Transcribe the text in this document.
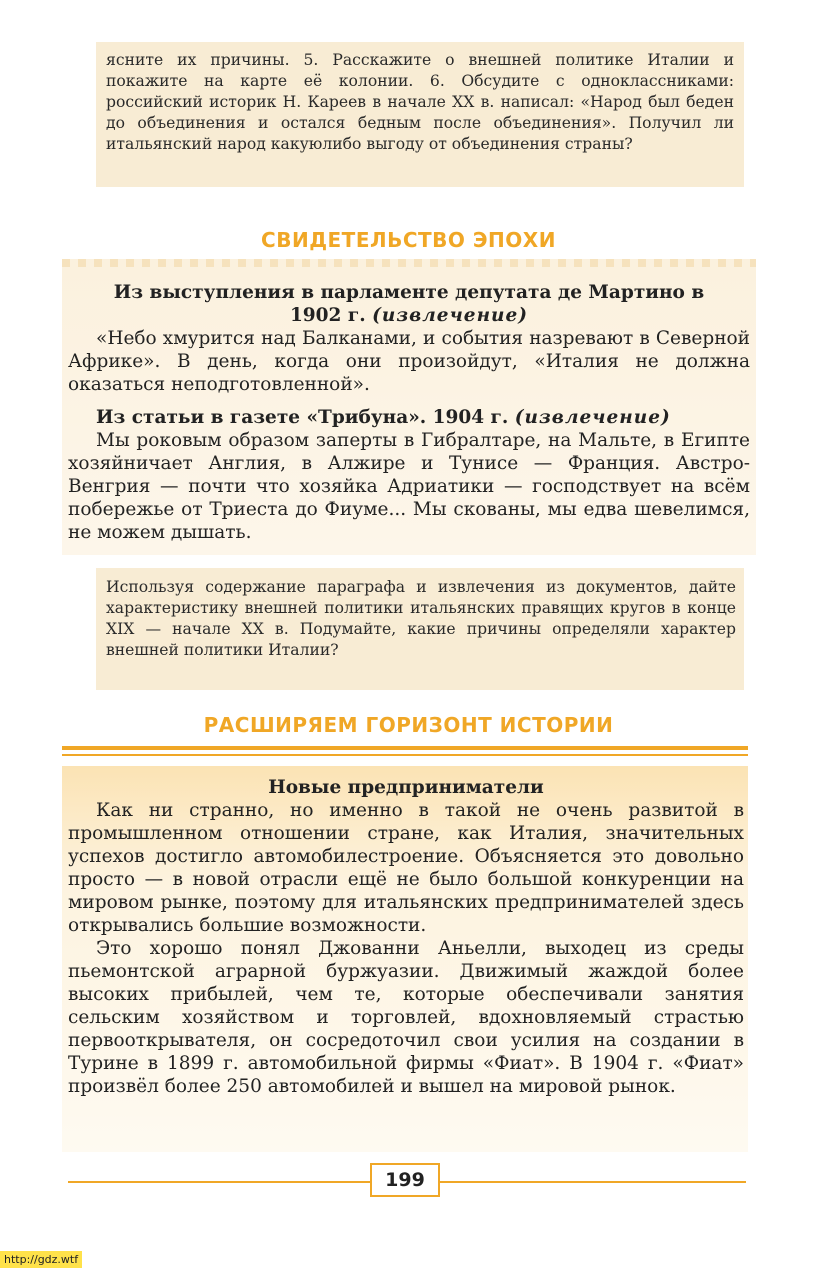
ясните их причины. 5. Расскажите о внешней политике Италии и покажите на карте её колонии. 6. Обсудите с одноклассниками: российский историк Н. Кареев в начале XX в. написал: «Народ был беден до объединения и остался бедным после объединения». Получил ли итальянский народ какуюлибо выгоду от объединения страны?
СВИДЕТЕЛЬСТВО ЭПОХИ
Из выступления в парламенте депутата де Мартино в 1902 г. (извлечение)

«Небо хмурится над Балканами, и события назревают в Северной Африке». В день, когда они произойдут, «Италия не должна оказаться неподготовленной».

Из статьи в газете «Трибуна». 1904 г. (извлечение)

Мы роковым образом заперты в Гибралтаре, на Мальте, в Египте хозяйничает Англия, в Алжире и Тунисе — Франция. Австро-Венгрия — почти что хозяйка Адриатики — господствует на всём побережье от Триеста до Фиуме... Мы скованы, мы едва шевелимся, не можем дышать.

Используя содержание параграфа и извлечения из документов, дайте характеристику внешней политики итальянских правящих кругов в конце XIX — начале XX в. Подумайте, какие причины определяли характер внешней политики Италии?
РАСШИРЯЕМ ГОРИЗОНТ ИСТОРИИ
Новые предприниматели

Как ни странно, но именно в такой не очень развитой в промышленном отношении стране, как Италия, значительных успехов достигло автомобилестроение. Объясняется это довольно просто — в новой отрасли ещё не было большой конкуренции на мировом рынке, поэтому для итальянских предпринимателей здесь открывались большие возможности.

Это хорошо понял Джованни Аньелли, выходец из среды пьемонтской аграрной буржуазии. Движимый жаждой более высоких прибылей, чем те, которые обеспечивали занятия сельским хозяйством и торговлей, вдохновляемый страстью первооткрывателя, он сосредоточил свои усилия на создании в Турине в 1899 г. автомобильной фирмы «Фиат». В 1904 г. «Фиат» произвёл более 250 автомобилей и вышел на мировой рынок.

199
http://gdz.wtf
